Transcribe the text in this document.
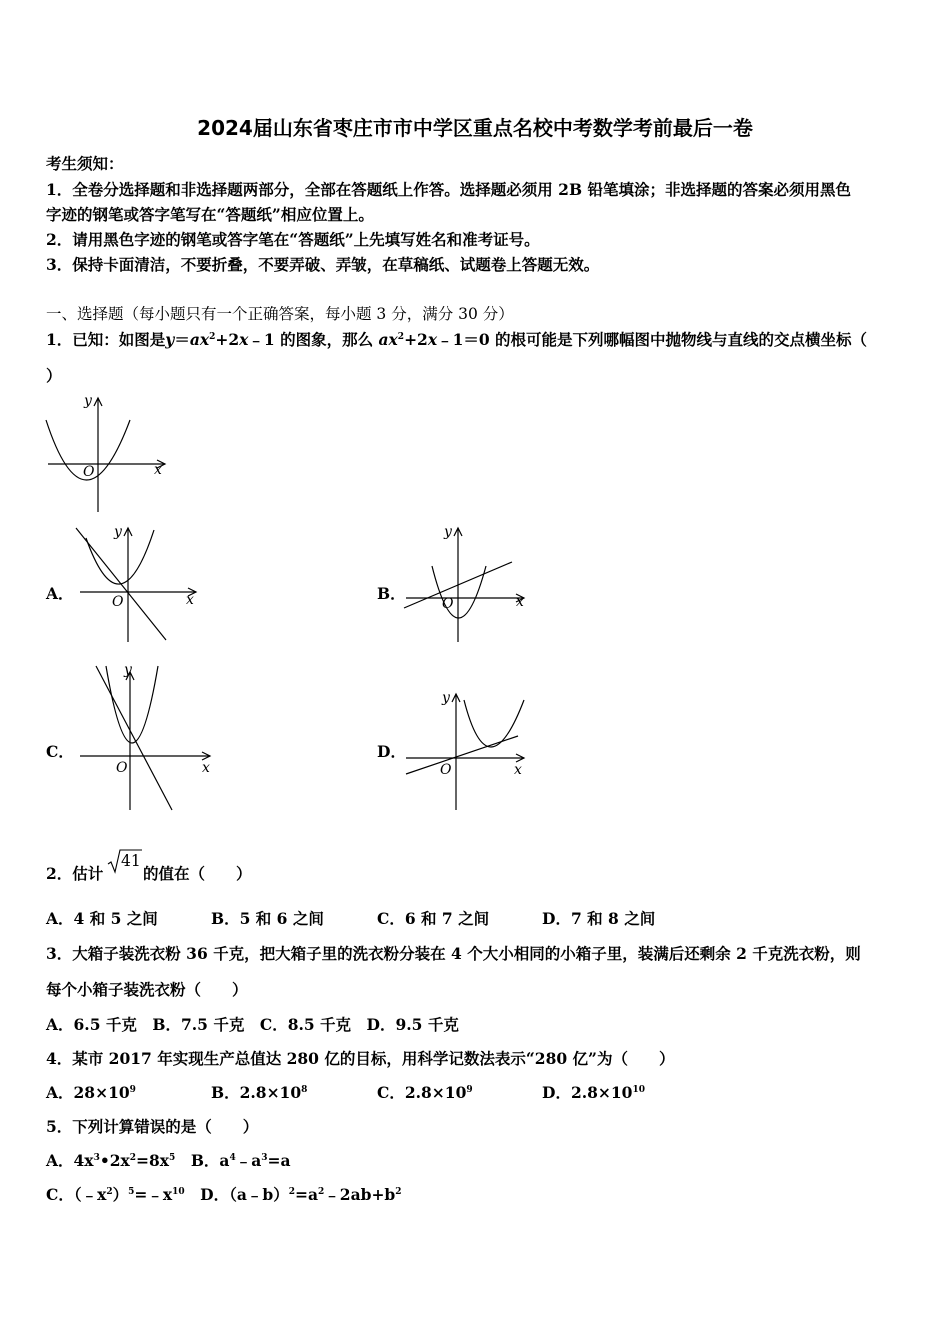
2024届山东省枣庄市市中学区重点名校中考数学考前最后一卷
考生须知：
1．全卷分选择题和非选择题两部分，全部在答题纸上作答。选择题必须用 2B 铅笔填涂；非选择题的答案必须用黑色
字迹的钢笔或答字笔写在“答题纸”相应位置上。
2．请用黑色字迹的钢笔或答字笔在“答题纸”上先填写姓名和准考证号。
3．保持卡面清洁，不要折叠，不要弄破、弄皱，在草稿纸、试题卷上答题无效。
一、选择题（每小题只有一个正确答案，每小题 3 分，满分 30 分）
1．已知：如图是$y=ax^2+2x﹣1$ 的图象，那么 $ax^2+2x﹣1=0$ 的根可能是下列哪幅图中抛物线与直线的交点横坐标（
）
x
y
O
A．	x
y
O	B．	x
y
O
C．
x
y
O
D．
x
y
O
2．估计
41
的值在（　　）
A．4 和 5 之间	B．5 和 6 之间	C．6 和 7 之间	D．7 和 8 之间
3．大箱子装洗衣粉 36 千克，把大箱子里的洗衣粉分装在 4 个大小相同的小箱子里，装满后还剩余 2 千克洗衣粉，则
每个小箱子装洗衣粉（　　）
A．6.5 千克　B．7.5 千克　C．8.5 千克　D．9.5 千克
4．某市 2017 年实现生产总值达 280 亿的目标，用科学记数法表示“280 亿”为（　　）
A．$28\times 10^9$	B．$2.8\times 10^8$	C．$2.8\times 10^9$	D．$2.8\times 10^{10}$
5．下列计算错误的是（　　）
A．$4x^3•2x^2=8x^5$　B．$a^4﹣a^3=a$
C．$(﹣x^2)^5=﹣x^{10}$　D．$(a﹣b)^2=a^2﹣2ab+b^2$
